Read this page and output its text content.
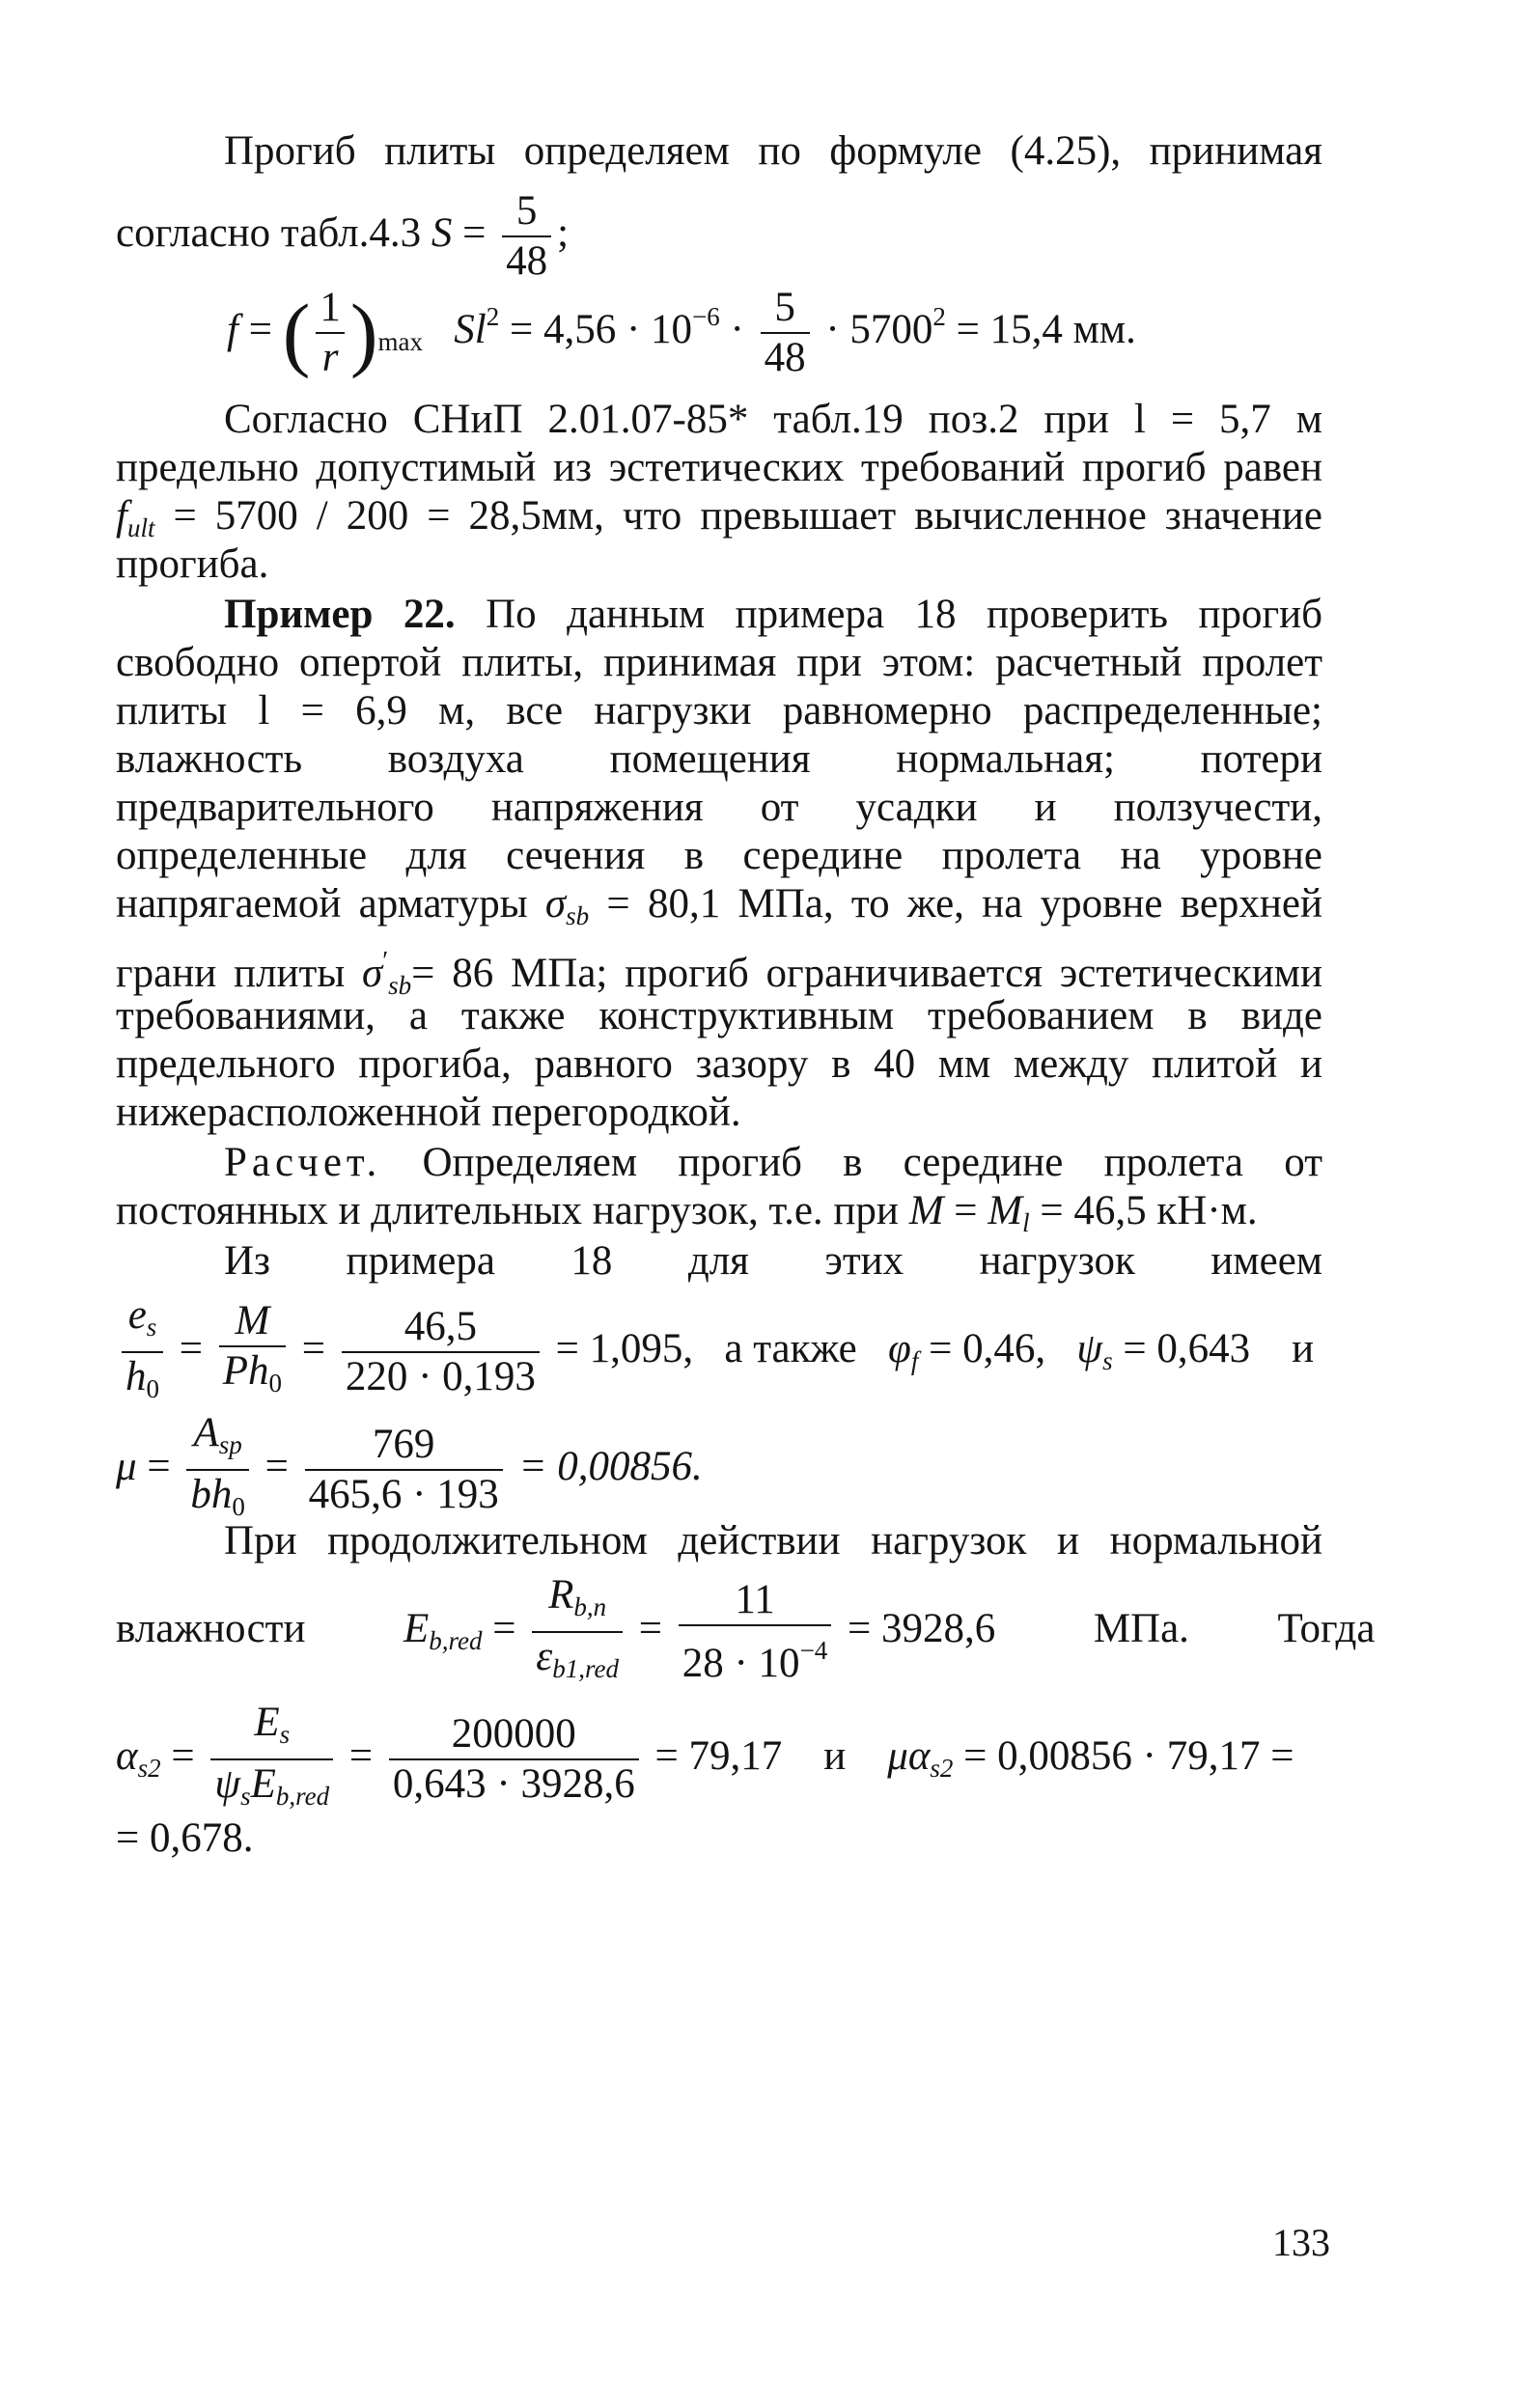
Прогиб плиты определяем по формуле (4.25), принимая
согласно табл.4.3 $S = \frac{5}{48}$ ;
f = ( $\frac{1}{r} )_{max}$ $Sl^2 = 4,56 \cdot 10^{-6} \cdot \frac{5}{48} \cdot 5700^2 = 15,4$ мм.
Согласно СНиП 2.01.07-85* табл.19 поз.2 при l = 5,7 м
предельно допустимый из эстетических требований прогиб равен
$f_{ult} = 5700 / 200 = 28,5мм$, что превышает вычисленное значение
прогиба.
Пример 22. По данным примера 18 проверить прогиб
свободно опертой плиты, принимая при этом: расчетный пролет
плиты l = 6,9 м, все нагрузки равномерно распределенные;
влажность воздуха помещения нормальная; потери
предварительного напряжения от усадки и ползучести,
определенные для сечения в середине пролета на уровне
напрягаемой арматуры $\sigma_{sb} = 80,1$ МПа, то же, на уровне верхней
грани плиты $\sigma'_{sb}= 86$ МПа; прогиб ограничивается эстетическими
требованиями, а также конструктивным требованием в виде
предельного прогиба, равного зазору в 40 мм между плитой и
нижерасположенной перегородкой.
Расчет. Определяем прогиб в середине пролета от
постоянных и длительных нагрузок, т.е. при $M = M_l = 46,5$ кН·м.
Из примера 18 для этих нагрузок имеем
$\frac{e_s}{h_0} = \frac{M}{Ph_0} = \frac{46,5}{220 \cdot 0,193} = 1,095$, а также $\varphi_f = 0,46$, $\psi_s = 0,643$ и
$\mu = \frac{A_{sp}}{bh_0} = \frac{769}{465,6 \cdot 193} = 0,00856$.
При продолжительном действии нагрузок и нормальной
влажности $E_{b,red} = \frac{R_{b,n}}{\varepsilon_{b1,red}} = \frac{11}{28 \cdot 10^{-4}} = 3928,6$ МПа. Тогда
$\alpha_{s2} = \frac{E_s}{\psi_sE_{b,red}} = \frac{200000}{0,643 \cdot 3928,6} = 79,17$ и $\mu\alpha_{s2} = 0,00856 \cdot 79,17$ =
= 0,678.
133
